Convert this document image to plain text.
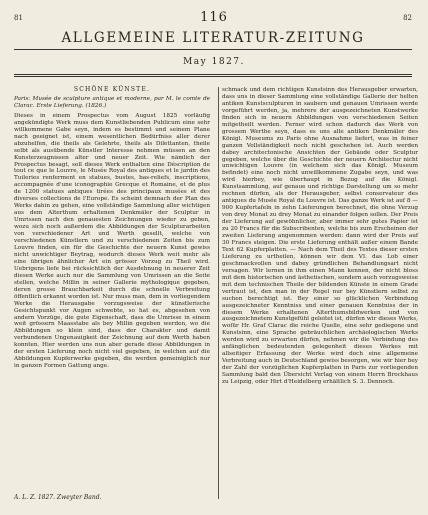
81	116	82
ALLGEMEINE LITERATUR-ZEITUNG
May 1827.
SCHÖNE KÜNSTE.

Paris: Musée de sculpture antique et moderne, par M. le comte de Clarac. Erste Lieferung. (1826.)

Dieses in einem Prospectus vom August 1825 vorläufig angekündigte Werk muss dem Kunstliebenden Publicum eine sehr willkommene Gabe seyn, indem es bestimmt und seinem Plane nach geeignet ist, einem wesentlichen Bedürfniss aller derer abzuhelfen, die theils als Gelehrte, theils als Dilettanten, theile selbt als ausübende Künstler Interesse nehmen müssen an den Kunsterzeugnissen alter und neuer Zeit. Wie nämlich der Prospectus besagt, soll dieses Werk enthalten eine Déscription de tout ce que le Louvre, le Musée Royal des antiques et le jardin des Tuileries renferment en statues, bustes, bas-reliefs, inscriptions, accompagnée d'une iconographie Grecque et Romaine, et de plus de 1200 statues antiques tirées des principaux musées et des diverses collections de l'Europe. Es scheint demnach der Plan des Werks dahin zu gehen, eine vollständige Sammlung aller wichtigen aus dem Alterthum erhaltenen Denkmäler der Sculptur in Umrissen nach den genauesten Zeichnungen wieder zu geben, wozu sich noch außerdem die Abbildungen der Sculpturarbeiten von verschiedener Art und Werth gesellt, welche von verschiedenen Künstlern und zu verschiedenen Zeiten bis zum Louvre finden, ein für die Geschichte der neuern Kunst gewiss nicht unwichtiger Beytrag, wodurch dieses Werk weit mehr als eine übrigen ähnlicher Art ein grösser Vorzug zu Theil wird. Uebrigens liefe bei rücksichtlich der Ausdehnung in neuerer Zeit diesen Werke auch nur die Sammlung von Umrissen an die Seite stellen, welche Millin in seiner Gallerie mythologique gegeben, deren grosse Brauchbarkeit durch die schnelle Verbreitung öffentlich erkannt worden ist. Nur muss man, dem in vorliegendem Werke die Herausgabe vorzugsweise der künstlerische Gesichtspunkt vor Augen schwebte, so hat es, abgesehen von andern Vorzüge, die gute Eigenschaft, dass die Umrisse in einem weit grössern Maasstabe als bey Millin gegeben werden, wo die Abbildungen so klein sind, dass der Charakter und damit verbundenen Ungenauigkeit der Zeichnung auf dem Werth haben konnten. Hier werden uns nun aber gerade diese Abbildungen in der ersten Lieferung noch nicht viel gegeben, in welchen auf die Abbildungen Kupferwerke gegeben, die werden gemeiniglich nur in ganzen Formen Gattung ange.

schmack und dem richtigen Kunstsinn des Herausgeber erwarten, dass uns in dieser Sammlung eine vollständige Gallerie der helten antiken Kunstsculpturen in saubern und genauen Umrissen werde vorgeführt werden, ja, mehrere der ausgezeichneten Kunstwerke finden sich in neuern Abbildungen von verschiedenen Seiten mitgetheilt werden. Ferner wird schon dadurch das Werk von grossem Werthe seyn, dass es uns alle antiken Denkmäler des Königl. Museums zu Paris ohne Ausnahme liefert, was in feiner ganzen Vollständigkeit noch nicht geschehen ist. Auch werden dabey architectonische Ansichten der Gebäude oder Sculptur gegeben, welche über die Geschichte der neuern Architectur nicht unwichtigen Louvre (in welchem sich das Königl. Museum befindet) eine noch nicht unwillkommene Zugabe seyn, und was wird hierbey, wie überhaupt in Bezug auf die Königl. Kunstsammlung, auf genaue und richtige Darstellung um so mehr rechnen dürfen, als der Herausgeber, selbst conservateur des antiques du Musée Royal du Louvre ist. Das ganze Werk ist auf 8 — 900 Kupfertafeln in zehn Lieferungen berechnet, die ohne Verzug von drey Monat zu drey Monat zu einander folgen sollen. Der Preis der Lieferung auf gewöhnlicher, aber immer sehr gutes Papier ist zu 20 Francs für die Subscribenten, welche bis zum Erscheinen der zweiten Lieferung angenommen werden: dann wird der Preis auf 30 Francs steigen. Die erste Lieferung enthält außer einem Bande Text 62 Kupferplatten. — Nach dem Theil des Textes dieser ersten Lieferung zu urtheilen, können wir dem VI. das Lob einer geschmackvollen und dabey gründlichen Behandlungsart nicht versagen. Wir lernen in ihm einen Mann kennen, der nicht bloss mit dem historischen und ästhetischen, sondern auch vorzugsweise mit dem technischen Theile der bildenden Künste in einem Grade vertraut ist, den man in der Regel nur bey Künstlern selbst zu suchen berechtigt ist. Bey einer so glücklichen Verbindung ausgezeichneter Kenntniss und einer genauen Kenntniss der in diesem Werke erhaltenen Alterthumsbildwerken und von ausgezeichnetem Kunstgefühl geleitet ist, dürfen wir dieses Werks, wofür Hr. Graf Clarac die reiche Quelle, eine sehr gediegene und Kunstsinn, eine Sprache gebräuchlichen archäologischen Werks werden wird zu erwarten dürfen, nehmen wir die Verbindung des anfänglichen bedeutenden gelegenheit dieses Werkes mit allseitiger Erfassung der Werke wird doch eine allgemeine Verbreitung auch in Deutschland gewiss besorgen, wie wir hier bey der Zahl der vorzüglichen Kupferplatten in Paris zur vorliegenden Sammlung bald den Übersicht Verlag von einem Herrn Brockhaus zu Leipzig, oder Hirt d'Heidelberg erhältlich S. 3. Dennoch.

A. L. Z. 1827. Zweyter Band.
